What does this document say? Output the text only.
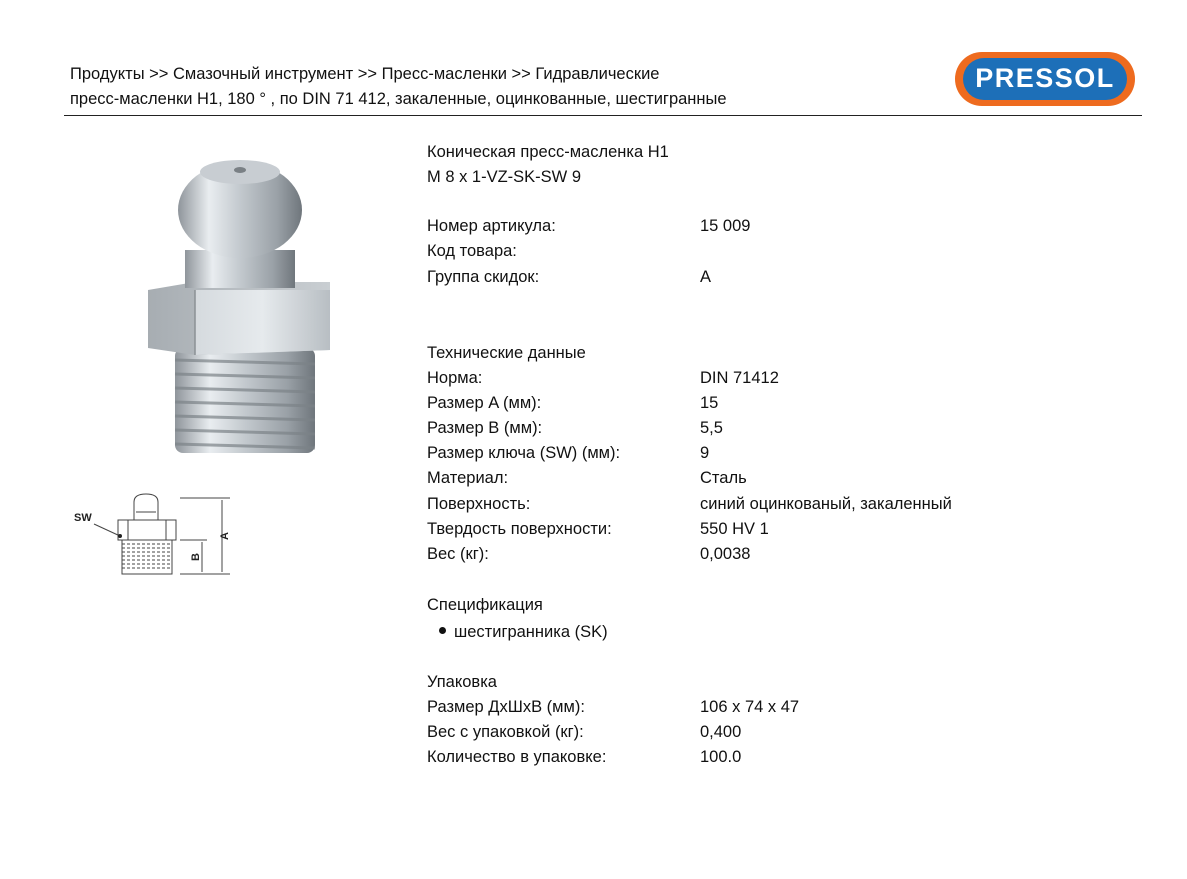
Продукты >> Смазочный инструмент >> Пресс-масленки >> Гидравлические
пресс-масленки H1, 180 ° , по DIN 71 412, закаленные, оцинкованные, шестигранные
PRESSOL
SW
A
B
Коническая пресс-масленка H1
M 8 x 1-VZ-SK-SW 9
Номер артикула:	15 009
Код товара:
Группа скидок:	A
Технические данные
Норма:	DIN 71412
Размер A (мм):	15
Размер B (мм):	5,5
Размер ключа (SW) (мм):	9
Материал:	Сталь
Поверхность:	синий оцинкованый, закаленный
Твердость поверхности:	550 HV 1
Вес (кг):	0,0038
Спецификация
шестигранника (SK)
Упаковка
Размер ДхШхВ (мм):	106 x 74 x 47
Вес с упаковкой (кг):	0,400
Количество в упаковке:	100.0
